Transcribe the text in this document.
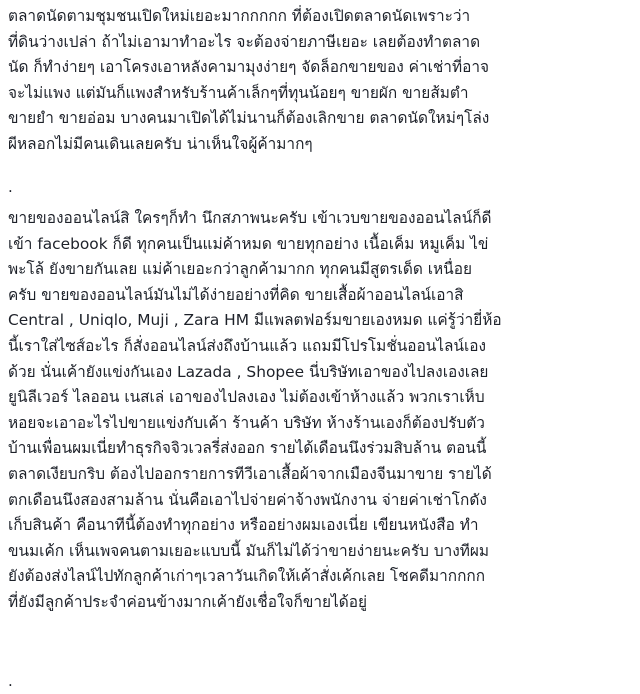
ตลาดนัดตามชุมชนเปิดใหม่เยอะมากกกกก ที่ต้องเปิดตลาดนัดเพราะว่า
ที่ดินว่างเปล่า ถ้าไม่เอามาทำอะไร จะต้องจ่ายภาษีเยอะ เลยต้องทำตลาด
นัด ก็ทำง่ายๆ เอาโครงเอาหลังคามามุงง่ายๆ จัดล็อกขายของ ค่าเช่าที่อาจ
จะไม่แพง แต่มันก็แพงสำหรับร้านค้าเล็กๆที่ทุนน้อยๆ ขายผัก ขายส้มตำ
ขายยำ ขายอ่อม บางคนมาเปิดได้ไม่นานก็ต้องเลิกขาย ตลาดนัดใหม่ๆโล่ง
ผีหลอกไม่มีคนเดินเลยครับ น่าเห็นใจผู้ค้ามากๆ
.
ขายของออนไลน์สิ ใครๆก็ทำ นึกสภาพนะครับ เข้าเวบขายของออนไลน์ก็ดี
เข้า facebook ก็ดี ทุกคนเป็นแม่ค้าหมด ขายทุกอย่าง เนื้อเค็ม หมูเค็ม ไข่
พะโล้ ยังขายกันเลย แม่ค้าเยอะกว่าลูกค้ามากก ทุกคนมีสูตรเด็ด เหนื่อย
ครับ ขายของออนไลน์มันไม่ได้ง่ายอย่างที่คิด ขายเสื้อผ้าออนไลน์เอาสิ
Central , Uniqlo, Muji , Zara HM มีแพลตฟอร์มขายเองหมด แค่รู้ว่ายี่ห้อ
นี้เราใส่ไซส์อะไร ก็สั่งออนไลน์ส่งถึงบ้านแล้ว แถมมีโปรโมชั่นออนไลน์เอง
ด้วย นั่นเค้ายังแข่งกันเอง Lazada , Shopee นี่บริษัทเอาของไปลงเองเลย
ยูนิลีเวอร์ ไลออน เนสเล่ เอาของไปลงเอง ไม่ต้องเข้าห้างแล้ว พวกเราเห็บ
หอยจะเอาอะไรไปขายแข่งกับเค้า ร้านค้า บริษัท ห้างร้านเองก็ต้องปรับตัว
บ้านเพื่อนผมเนี่ยทำธุรกิจจิวเวลรี่ส่งออก รายได้เดือนนึงร่วมสิบล้าน ตอนนี้
ตลาดเงียบกริบ ต้องไปออกรายการทีวีเอาเสื้อผ้าจากเมืองจีนมาขาย รายได้
ตกเดือนนึงสองสามล้าน นั่นคือเอาไปจ่ายค่าจ้างพนักงาน จ่ายค่าเช่าโกดัง
เก็บสินค้า คือนาทีนี้ต้องทำทุกอย่าง หรืออย่างผมเองเนี่ย เขียนหนังสือ ทำ
ขนมเค้ก เห็นเพจคนตามเยอะแบบนี้ มันก็ไม่ได้ว่าขายง่ายนะครับ บางทีผม
ยังต้องส่งไลน์ไปทักลูกค้าเก่าๆเวลาวันเกิดให้เค้าสั่งเค้กเลย โชคดีมากกกก
ที่ยังมีลูกค้าประจำค่อนข้างมากเค้ายังเชื่อใจก็ขายได้อยู่
.
